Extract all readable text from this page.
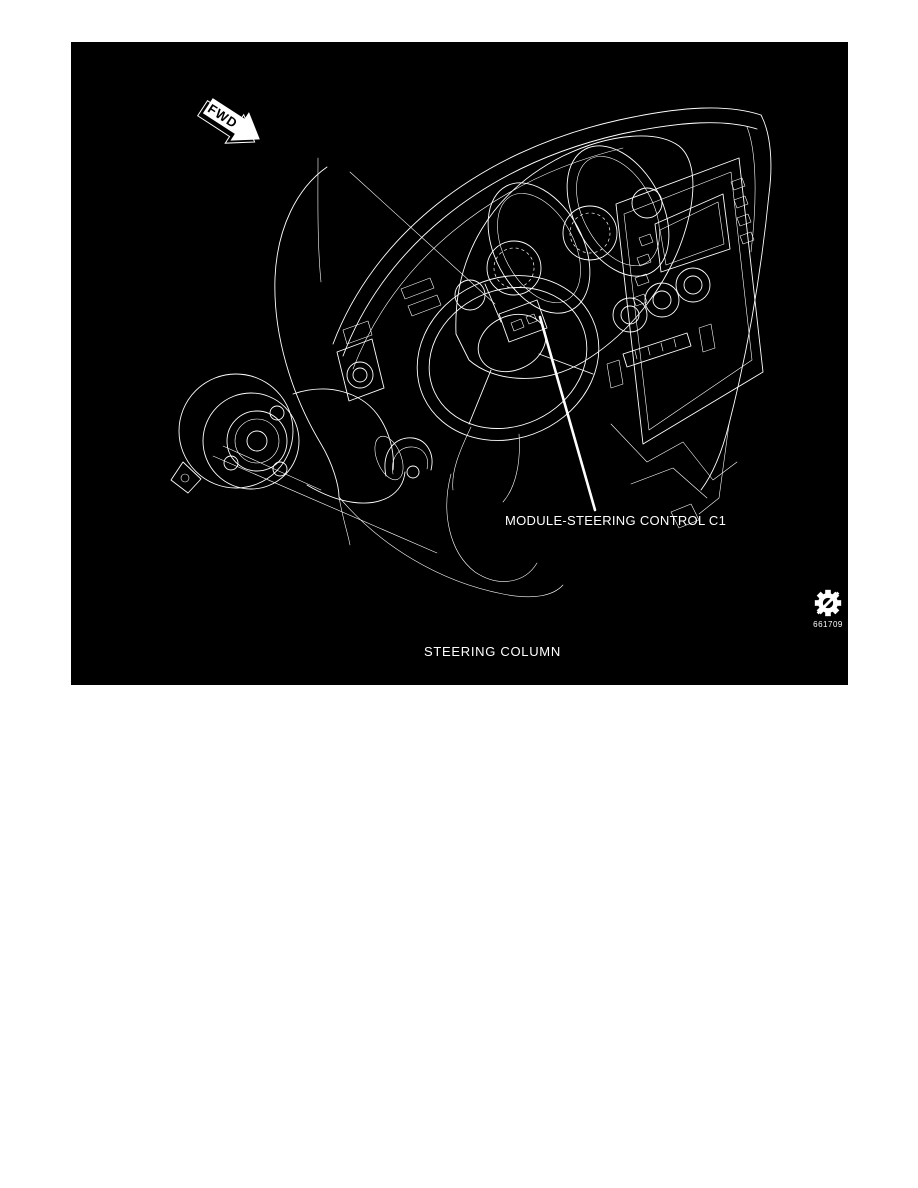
FWD
MODULE-STEERING CONTROL C1
661709
STEERING COLUMN
